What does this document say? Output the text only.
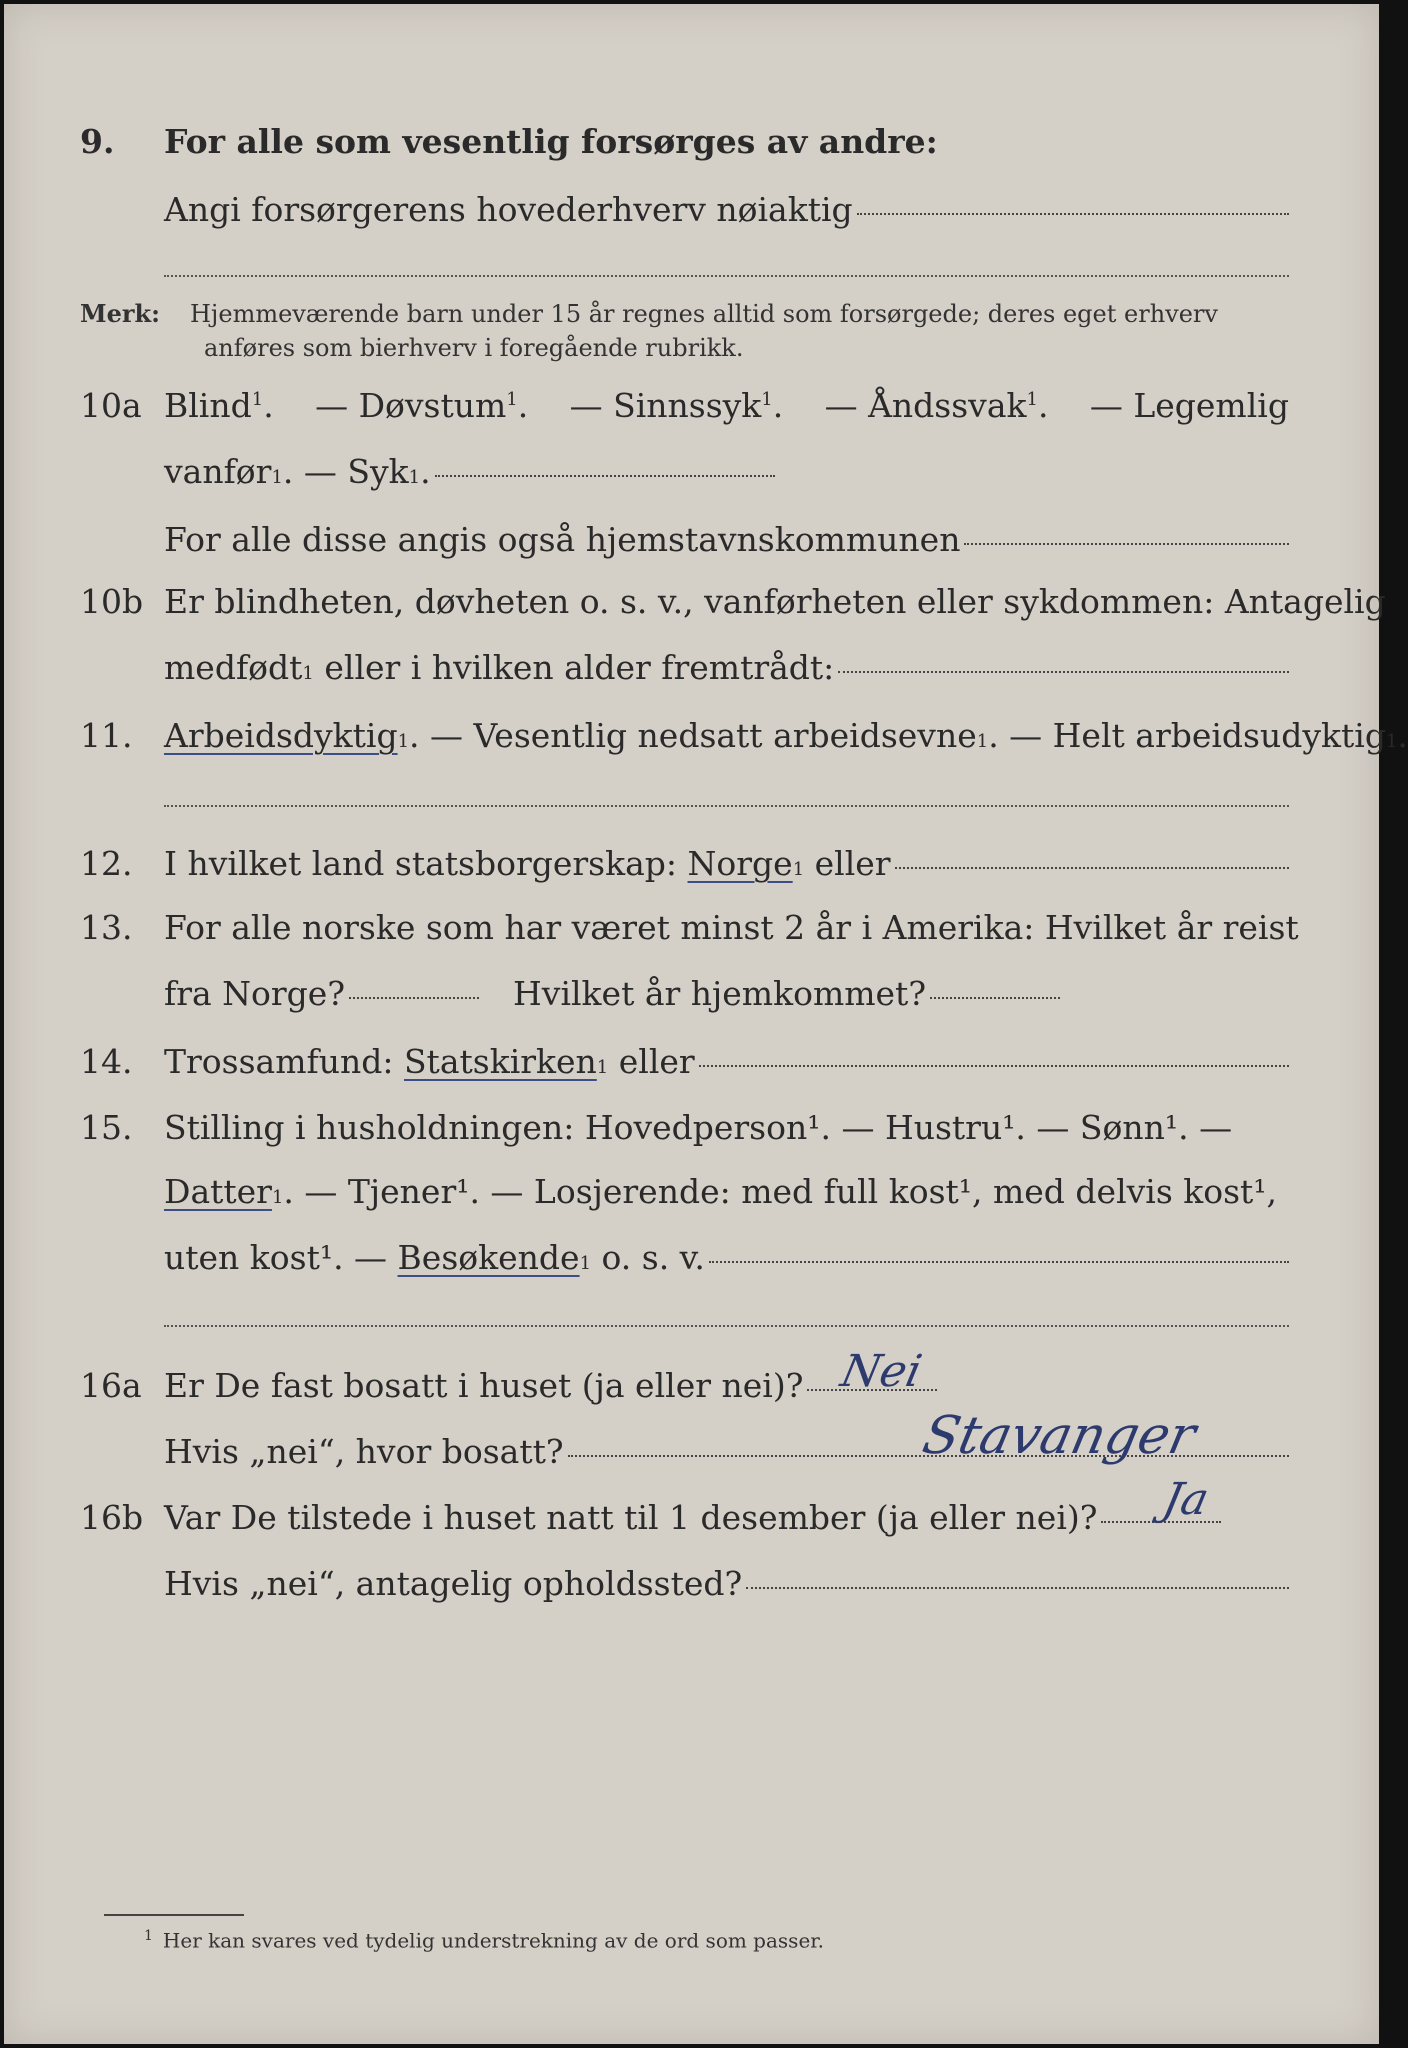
9. For alle som vesentlig forsørges av andre:
Angi forsørgerens hovederhverv nøiaktig
Merk: Hjemmeværende barn under 15 år regnes alltid som forsørgede; deres eget erhverv
anføres som bierhverv i foregående rubrikk.
10a Blind$^1$. — Døvstum$^1$. — Sinnssyk$^1$. — Åndssvak$^1$. — Legemlig
vanfør 1 . — Syk 1 .
For alle disse angis også hjemstavnskommunen
10b Er blindheten, døvheten o. s. v., vanførheten eller sykdommen: Antagelig
medfødt 1 eller i hvilken alder fremtrådt:
11. Arbeidsdyktig 1 . — Vesentlig nedsatt arbeidsevne 1 . — Helt arbeidsudyktig 1 .
12. I hvilket land statsborgerskap: Norge 1 eller
13. For alle norske som har været minst 2 år i Amerika: Hvilket år reist
fra Norge?	Hvilket år hjemkommet?
14. Trossamfund: Statskirken 1 eller
15. Stilling i husholdningen: Hovedperson¹. — Hustru¹. — Sønn¹. —
Datter 1 . — Tjener¹. — Losjerende: med full kost¹, med delvis kost¹,
uten kost¹. — Besøkende 1 o. s. v.
16a Er De fast bosatt i huset (ja eller nei)? Nei
Hvis „nei“, hvor bosatt?	Stavanger
16b Var De tilstede i huset natt til 1 desember (ja eller nei)? Ja
Hvis „nei“, antagelig opholdssted?
$^1$ Her kan svares ved tydelig understrekning av de ord som passer.
